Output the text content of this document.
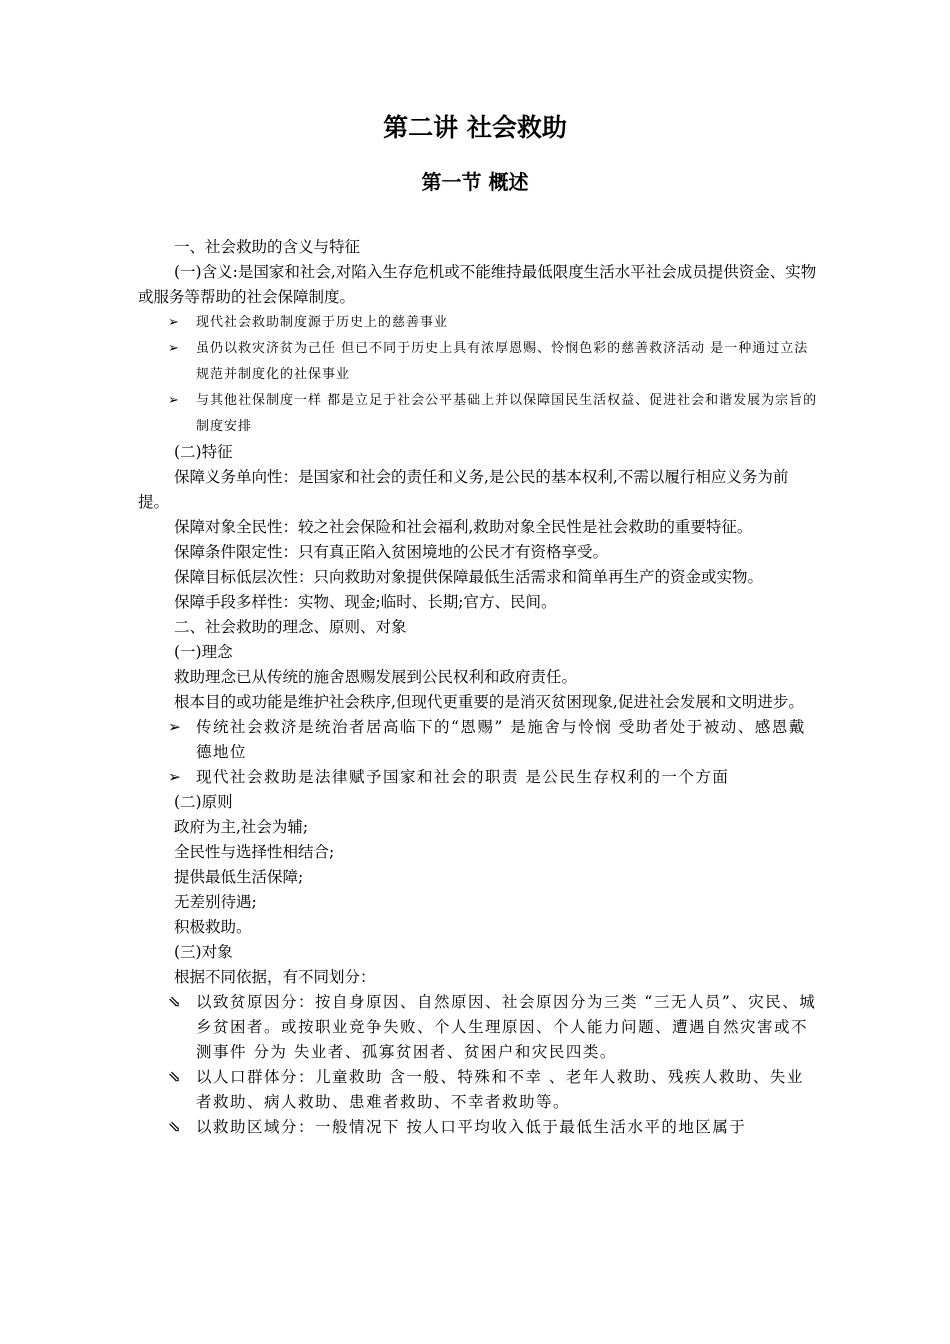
第二讲 社会救助
第一节 概述

一、社会救助的含义与特征

(一)含义:是国家和社会,对陷入生存危机或不能维持最低限度生活水平社会成员提供资金、实物或服务等帮助的社会保障制度。

➢ 现代社会救助制度源于历史上的慈善事业
➢ 虽仍以救灾济贫为己任 但已不同于历史上具有浓厚恩赐、怜悯色彩的慈善救济活动 是一种通过立法规范并制度化的社保事业
➢ 与其他社保制度一样 都是立足于社会公平基础上并以保障国民生活权益、促进社会和谐发展为宗旨的制度安排

(二)特征

保障义务单向性：是国家和社会的责任和义务,是公民的基本权利,不需以履行相应义务为前提。

保障对象全民性：较之社会保险和社会福利,救助对象全民性是社会救助的重要特征。

保障条件限定性：只有真正陷入贫困境地的公民才有资格享受。

保障目标低层次性：只向救助对象提供保障最低生活需求和简单再生产的资金或实物。

保障手段多样性：实物、现金;临时、长期;官方、民间。

二、社会救助的理念、原则、对象

(一)理念

救助理念已从传统的施舍恩赐发展到公民权利和政府责任。

根本目的或功能是维护社会秩序,但现代更重要的是消灭贫困现象,促进社会发展和文明进步。

➢ 传统社会救济是统治者居高临下的“恩赐” 是施舍与怜悯 受助者处于被动、感恩戴德地位
➢ 现代社会救助是法律赋予国家和社会的职责 是公民生存权利的一个方面

(二)原则

政府为主,社会为辅;

全民性与选择性相结合;

提供最低生活保障;

无差别待遇;

积极救助。

(三)对象

根据不同依据，有不同划分：

⇘ 以致贫原因分：按自身原因、自然原因、社会原因分为三类 “三无人员”、灾民、城乡贫困者。或按职业竞争失败、个人生理原因、个人能力问题、遭遇自然灾害或不测事件 分为 失业者、孤寡贫困者、贫困户和灾民四类。
⇘ 以人口群体分：儿童救助 含一般、特殊和不幸 、老年人救助、残疾人救助、失业者救助、病人救助、患难者救助、不幸者救助等。
⇘ 以救助区域分：一般情况下 按人口平均收入低于最低生活水平的地区属于
